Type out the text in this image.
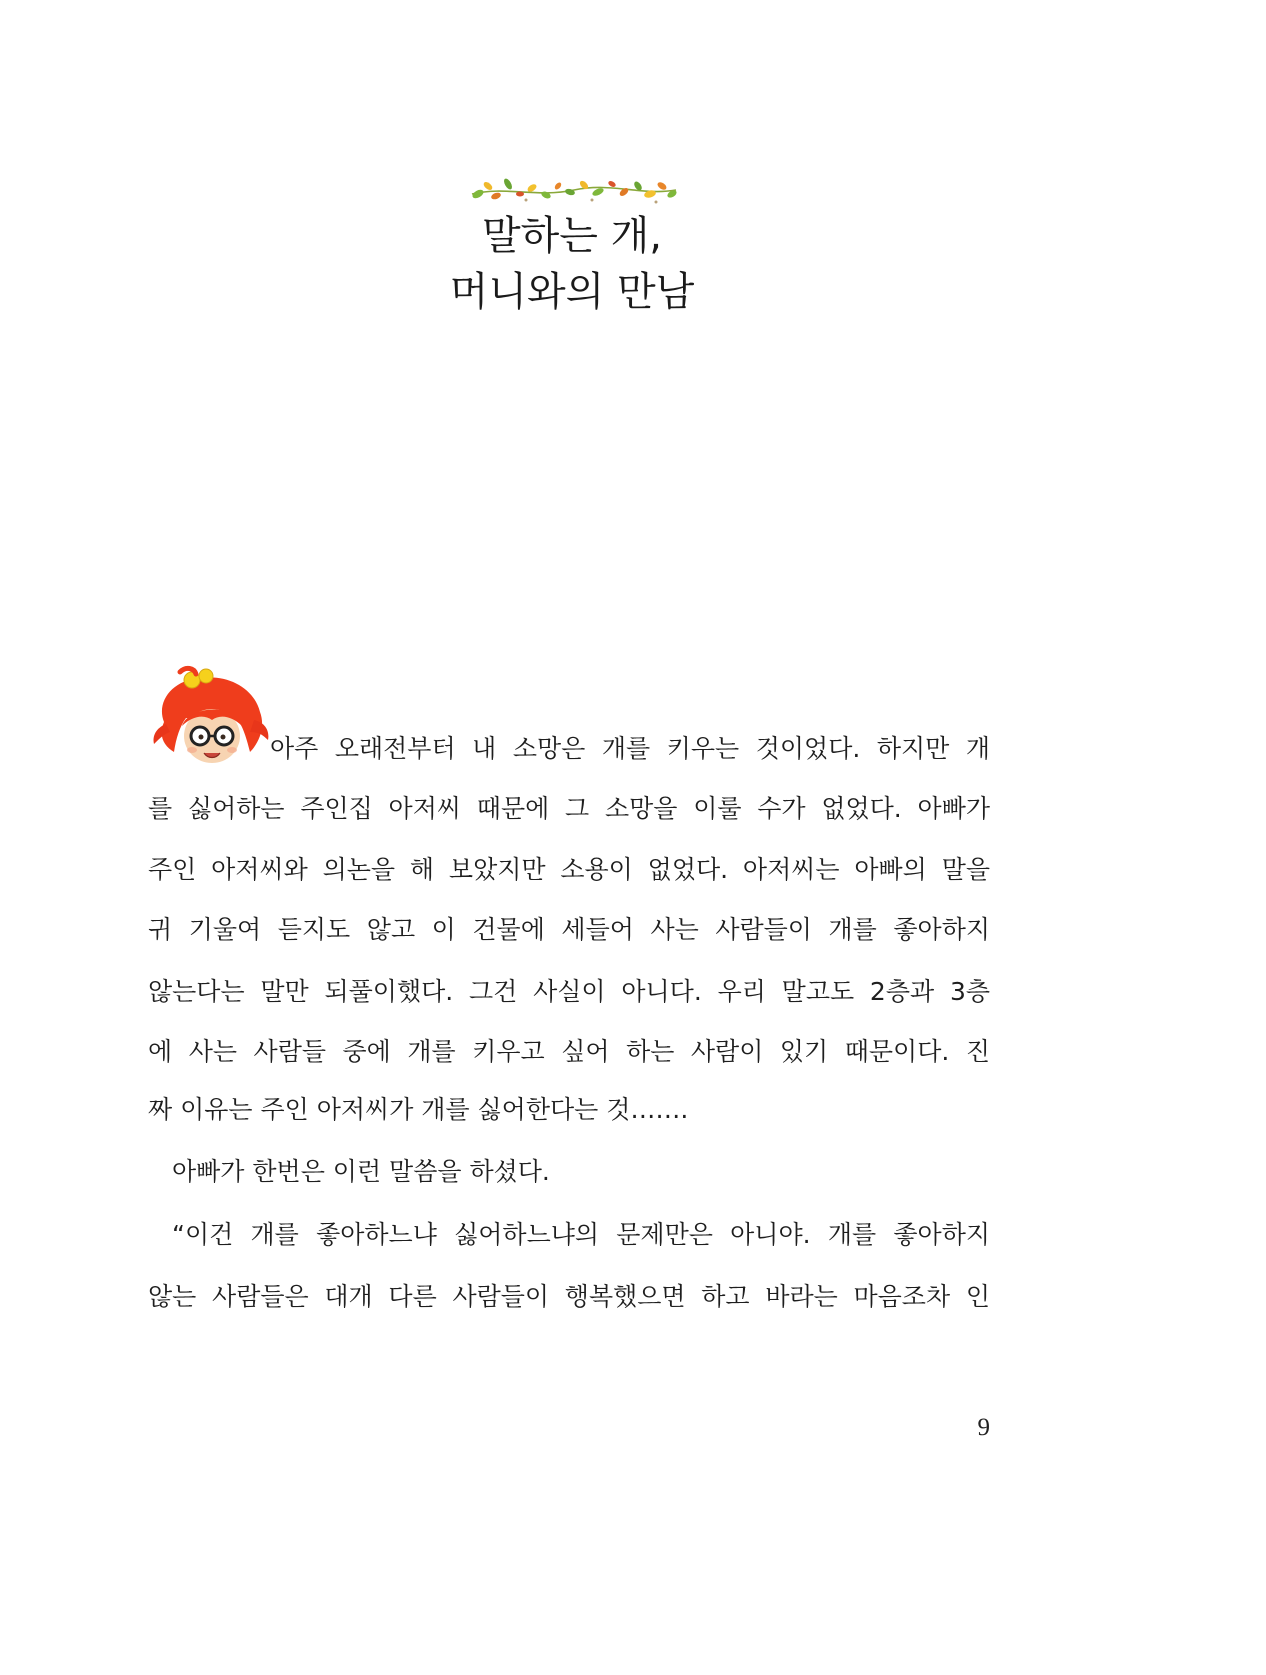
말하는 개,
머니와의 만남
아주 오래전부터 내 소망은 개를 키우는 것이었다. 하지만 개
를 싫어하는 주인집 아저씨 때문에 그 소망을 이룰 수가 없었다. 아빠가
주인 아저씨와 의논을 해 보았지만 소용이 없었다. 아저씨는 아빠의 말을
귀 기울여 듣지도 않고 이 건물에 세들어 사는 사람들이 개를 좋아하지
않는다는 말만 되풀이했다. 그건 사실이 아니다. 우리 말고도 2층과 3층
에 사는 사람들 중에 개를 키우고 싶어 하는 사람이 있기 때문이다. 진
짜 이유는 주인 아저씨가 개를 싫어한다는 것…….
아빠가 한번은 이런 말씀을 하셨다.
“이건 개를 좋아하느냐 싫어하느냐의 문제만은 아니야. 개를 좋아하지
않는 사람들은 대개 다른 사람들이 행복했으면 하고 바라는 마음조차 인
9
